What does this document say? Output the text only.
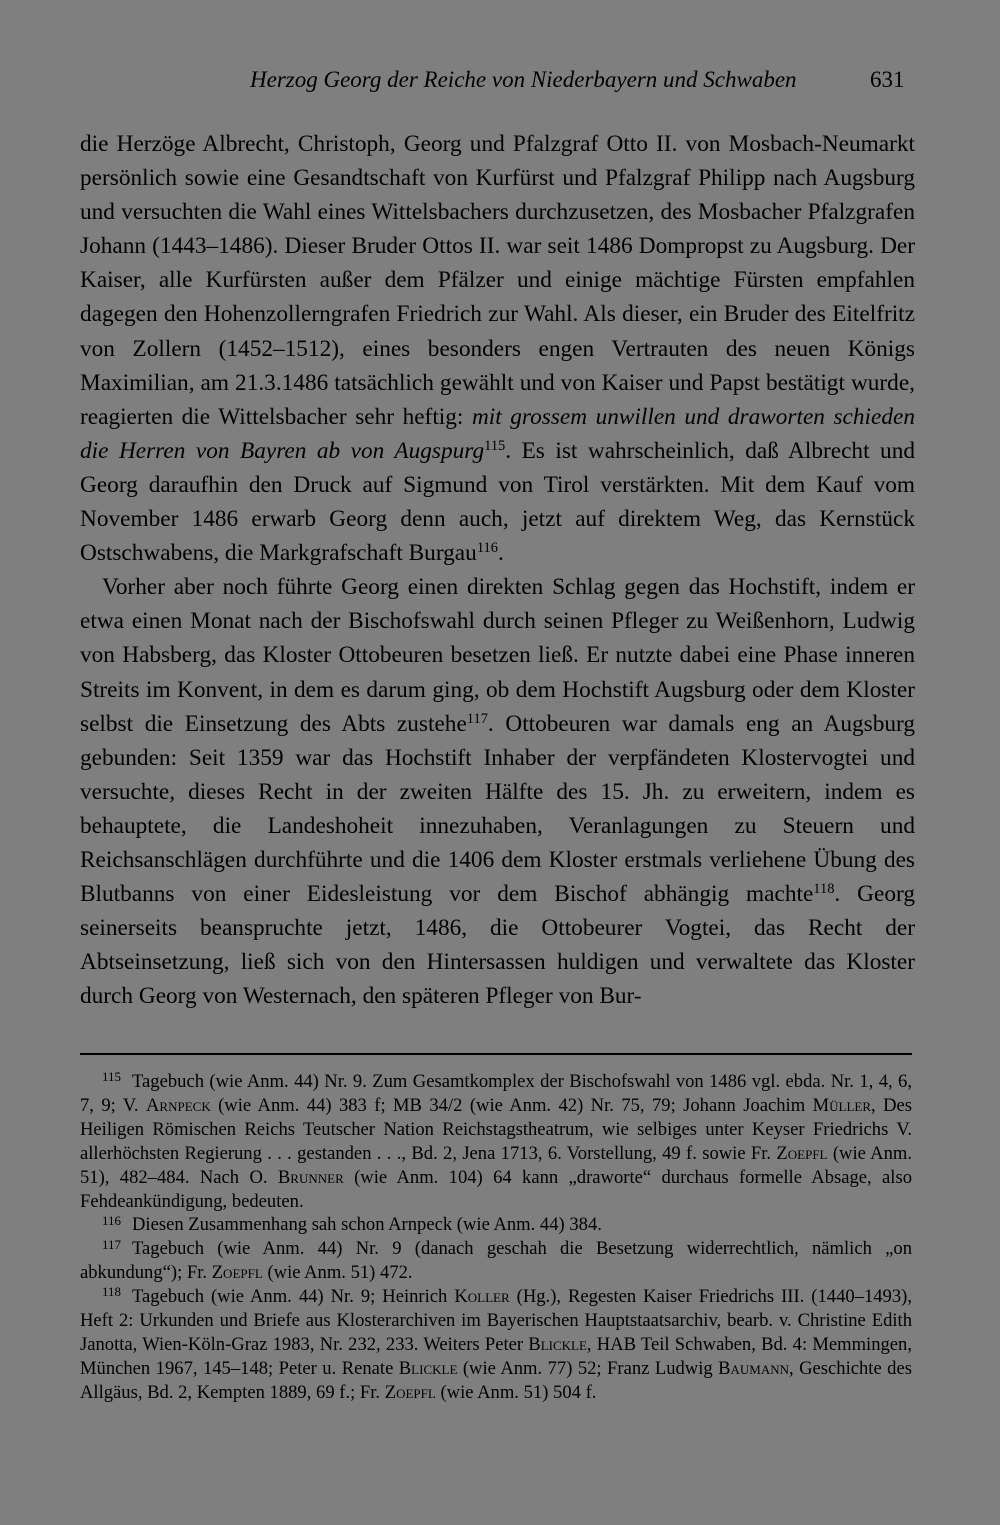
Herzog Georg der Reiche von Niederbayern und Schwaben	631

die Herzöge Albrecht, Christoph, Georg und Pfalzgraf Otto II. von Mosbach-Neumarkt persönlich sowie eine Gesandtschaft von Kurfürst und Pfalzgraf Philipp nach Augsburg und versuchten die Wahl eines Wittelsbachers durchzusetzen, des Mosbacher Pfalzgrafen Johann (1443–1486). Dieser Bruder Ottos II. war seit 1486 Dompropst zu Augsburg. Der Kaiser, alle Kurfürsten außer dem Pfälzer und einige mächtige Fürsten empfahlen dagegen den Hohenzollerngrafen Friedrich zur Wahl. Als dieser, ein Bruder des Eitelfritz von Zollern (1452–1512), eines besonders engen Vertrauten des neuen Königs Maximilian, am 21.3.1486 tatsächlich gewählt und von Kaiser und Papst bestätigt wurde, reagierten die Wittelsbacher sehr heftig: mit grossem unwillen und draworten schieden die Herren von Bayren ab von Augspurg$^{115}$. Es ist wahrscheinlich, daß Albrecht und Georg daraufhin den Druck auf Sigmund von Tirol verstärkten. Mit dem Kauf vom November 1486 erwarb Georg denn auch, jetzt auf direktem Weg, das Kernstück Ostschwabens, die Markgrafschaft Burgau$^{116}$.

Vorher aber noch führte Georg einen direkten Schlag gegen das Hochstift, indem er etwa einen Monat nach der Bischofswahl durch seinen Pfleger zu Weißenhorn, Ludwig von Habsberg, das Kloster Ottobeuren besetzen ließ. Er nutzte dabei eine Phase inneren Streits im Konvent, in dem es darum ging, ob dem Hochstift Augsburg oder dem Kloster selbst die Einsetzung des Abts zustehe$^{117}$. Ottobeuren war damals eng an Augsburg gebunden: Seit 1359 war das Hochstift Inhaber der verpfändeten Klostervogtei und versuchte, dieses Recht in der zweiten Hälfte des 15. Jh. zu erweitern, indem es behauptete, die Landeshoheit innezuhaben, Veranlagungen zu Steuern und Reichsanschlägen durchführte und die 1406 dem Kloster erstmals verliehene Übung des Blutbanns von einer Eidesleistung vor dem Bischof abhängig machte$^{118}$. Georg seinerseits beanspruchte jetzt, 1486, die Ottobeurer Vogtei, das Recht der Abtseinsetzung, ließ sich von den Hintersassen huldigen und verwaltete das Kloster durch Georg von Westernach, den späteren Pfleger von Bur-

115 Tagebuch (wie Anm. 44) Nr. 9. Zum Gesamtkomplex der Bischofswahl von 1486 vgl. ebda. Nr. 1, 4, 6, 7, 9; V. Arnpeck (wie Anm. 44) 383 f; MB 34/2 (wie Anm. 42) Nr. 75, 79; Johann Joachim Müller, Des Heiligen Römischen Reichs Teutscher Nation Reichstagstheatrum, wie selbiges unter Keyser Friedrichs V. allerhöchsten Regierung . . . gestanden . . ., Bd. 2, Jena 1713, 6. Vorstellung, 49 f. sowie Fr. Zoepfl (wie Anm. 51), 482–484. Nach O. Brunner (wie Anm. 104) 64 kann „draworte“ durchaus formelle Absage, also Fehdeankündigung, bedeuten.

116 Diesen Zusammenhang sah schon Arnpeck (wie Anm. 44) 384.

117 Tagebuch (wie Anm. 44) Nr. 9 (danach geschah die Besetzung widerrechtlich, nämlich „on abkundung“); Fr. Zoepfl (wie Anm. 51) 472.

118 Tagebuch (wie Anm. 44) Nr. 9; Heinrich Koller (Hg.), Regesten Kaiser Friedrichs III. (1440–1493), Heft 2: Urkunden und Briefe aus Klosterarchiven im Bayerischen Hauptstaatsarchiv, bearb. v. Christine Edith Janotta, Wien-Köln-Graz 1983, Nr. 232, 233. Weiters Peter Blickle, HAB Teil Schwaben, Bd. 4: Memmingen, München 1967, 145–148; Peter u. Renate Blickle (wie Anm. 77) 52; Franz Ludwig Baumann, Geschichte des Allgäus, Bd. 2, Kempten 1889, 69 f.; Fr. Zoepfl (wie Anm. 51) 504 f.
